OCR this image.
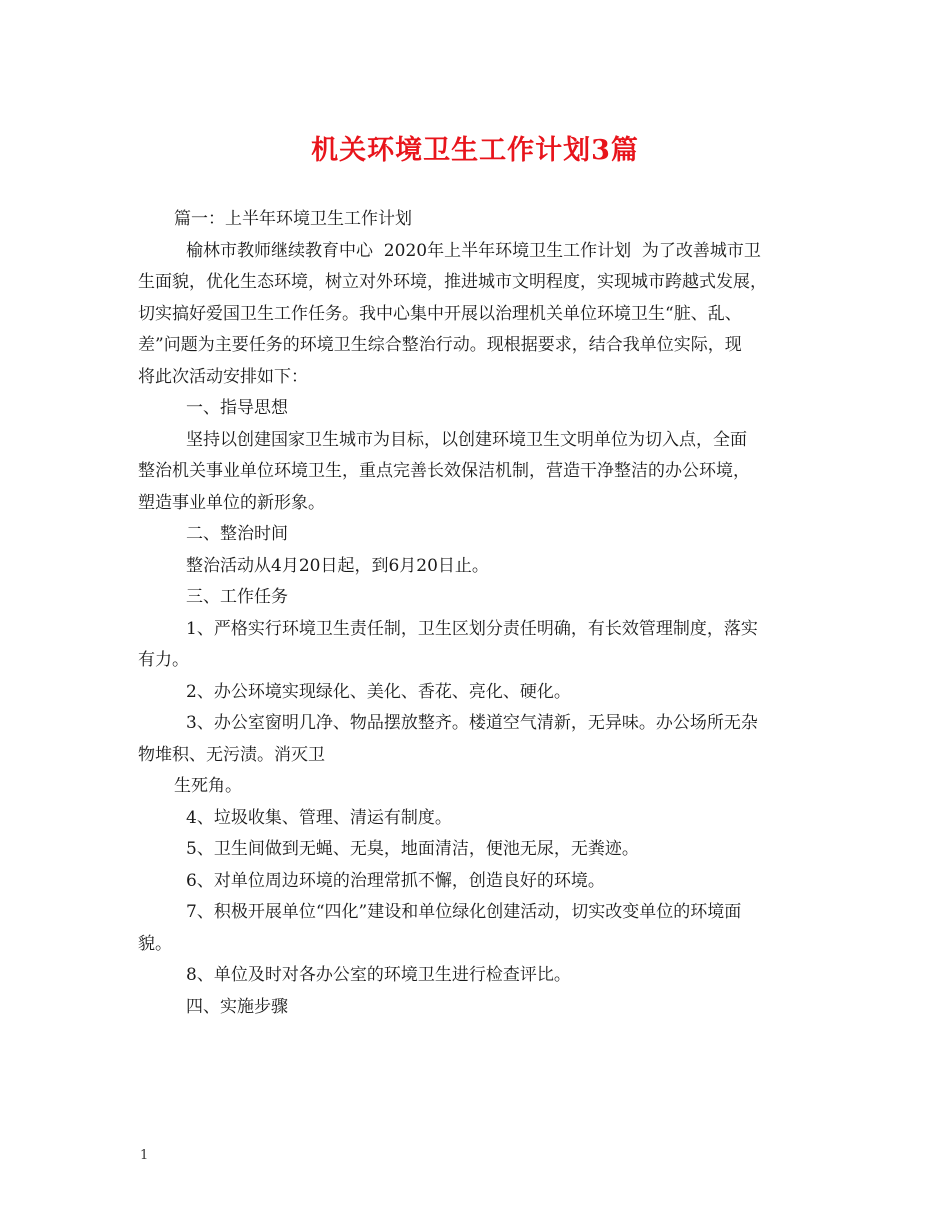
机关环境卫生工作计划3篇

篇一：上半年环境卫生工作计划

榆林市教师继续教育中心  2020年上半年环境卫生工作计划  为了改善城市卫

生面貌，优化生态环境，树立对外环境，推进城市文明程度，实现城市跨越式发展，

切实搞好爱国卫生工作任务。我中心集中开展以治理机关单位环境卫生“脏、乱、

差”问题为主要任务的环境卫生综合整治行动。现根据要求，结合我单位实际，现

将此次活动安排如下：

一、指导思想

坚持以创建国家卫生城市为目标，以创建环境卫生文明单位为切入点，全面

整治机关事业单位环境卫生，重点完善长效保洁机制，营造干净整洁的办公环境，

塑造事业单位的新形象。

二、整治时间

整治活动从4月20日起，到6月20日止。

三、工作任务

1、严格实行环境卫生责任制，卫生区划分责任明确，有长效管理制度，落实

有力。

2、办公环境实现绿化、美化、香花、亮化、硬化。

3、办公室窗明几净、物品摆放整齐。楼道空气清新，无异味。办公场所无杂

物堆积、无污渍。消灭卫

生死角。

4、垃圾收集、管理、清运有制度。

5、卫生间做到无蝇、无臭，地面清洁，便池无尿，无粪迹。

6、对单位周边环境的治理常抓不懈，创造良好的环境。

7、积极开展单位“四化”建设和单位绿化创建活动，切实改变单位的环境面

貌。

8、单位及时对各办公室的环境卫生进行检查评比。

四、实施步骤

1
